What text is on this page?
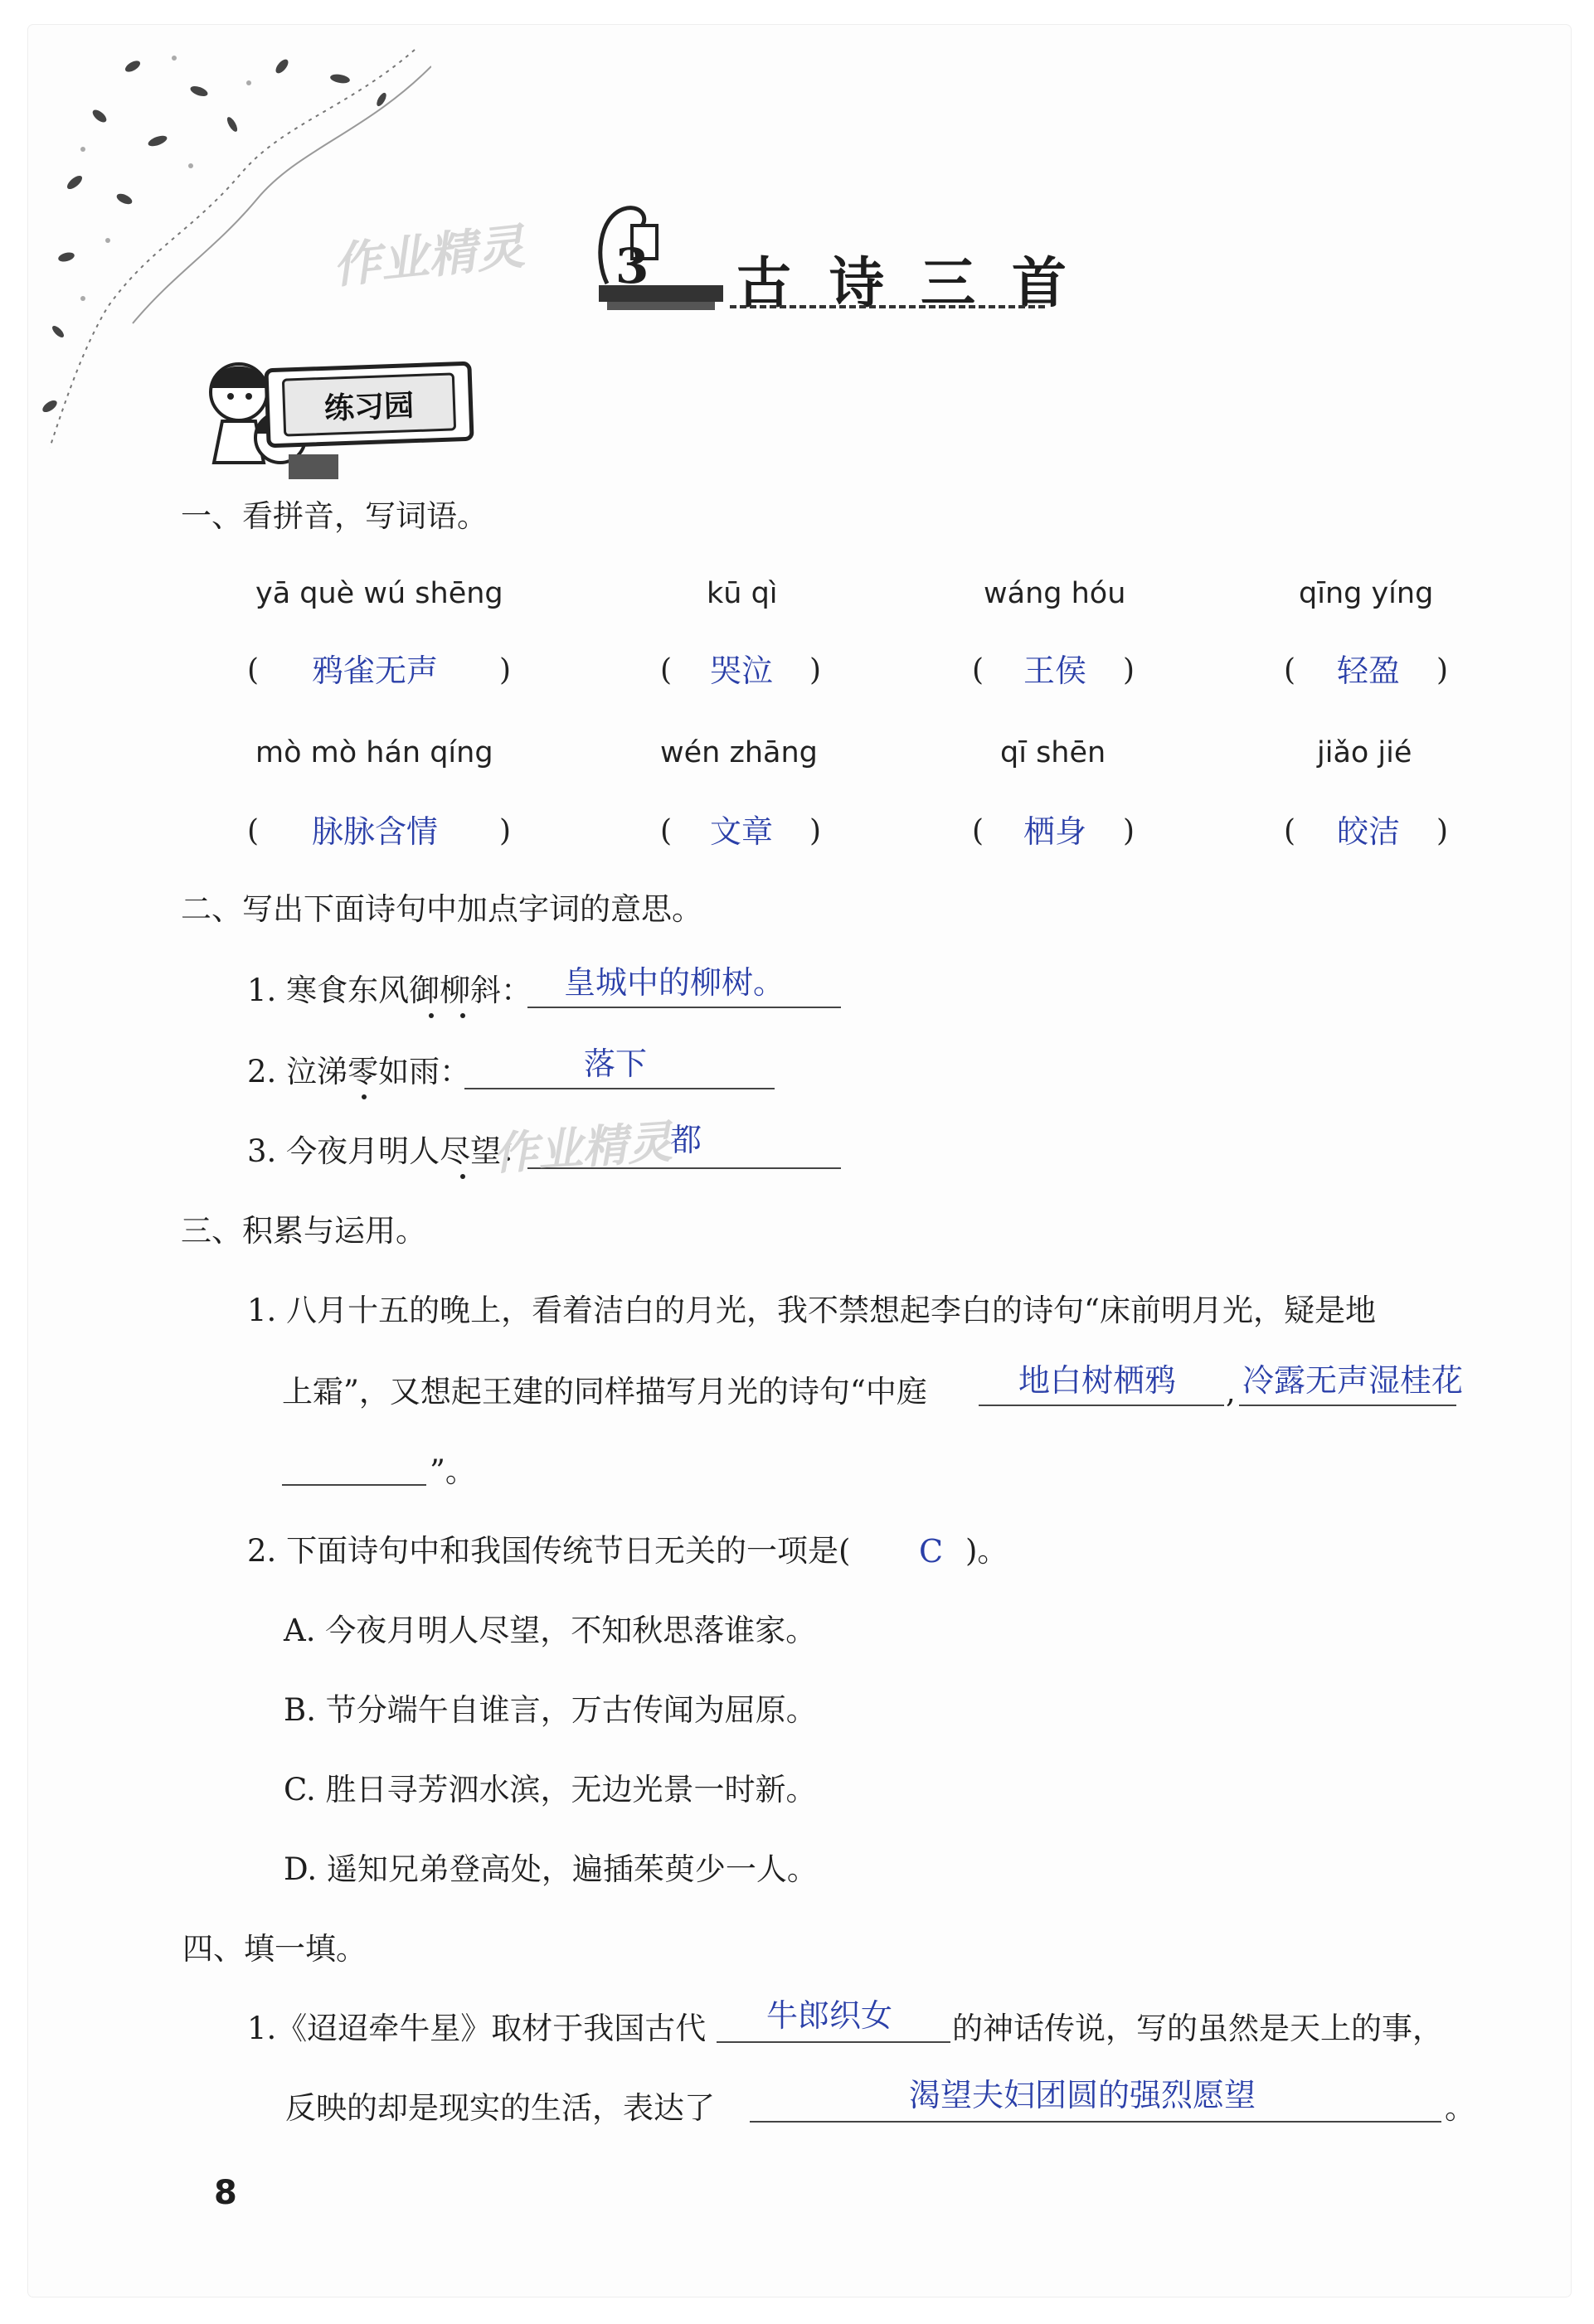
作业精灵 3 古 诗 三 首
练习园
一、看拼音，写词语。
yā què wú shēng	kū qì	wáng hóu	qīng yíng
( 鸦雀无声 )	( 哭泣 )	( 王侯 )	( 轻盈 )
mò mò hán qíng	wén zhāng	qī shēn	jiǎo jié
( 脉脉含情 )	( 文章 )	( 栖身 )	( 皎洁 )
二、写出下面诗句中加点字词的意思。
1. 寒食东风御柳斜： 皇城中的柳树。
2. 泣涕零如雨：	落下
3. 今夜月明人尽望：	都
作业精灵
三、积累与运用。
1. 八月十五的晚上，看着洁白的月光，我不禁想起李白的诗句“床前明月光，疑是地
上霜”，又想起王建的同样描写月光的诗句“中庭	地白树栖鸦 , 冷露无声湿桂花
”。
2. 下面诗句中和我国传统节日无关的一项是( C )。
A. 今夜月明人尽望，不知秋思落谁家。
B. 节分端午自谁言，万古传闻为屈原。
C. 胜日寻芳泗水滨，无边光景一时新。
D. 遥知兄弟登高处，遍插茱萸少一人。
四、填一填。
1.《迢迢牵牛星》取材于我国古代 牛郎织女 的神话传说，写的虽然是天上的事，
反映的却是现实的生活，表达了	渴望夫妇团圆的强烈愿望	。
8
